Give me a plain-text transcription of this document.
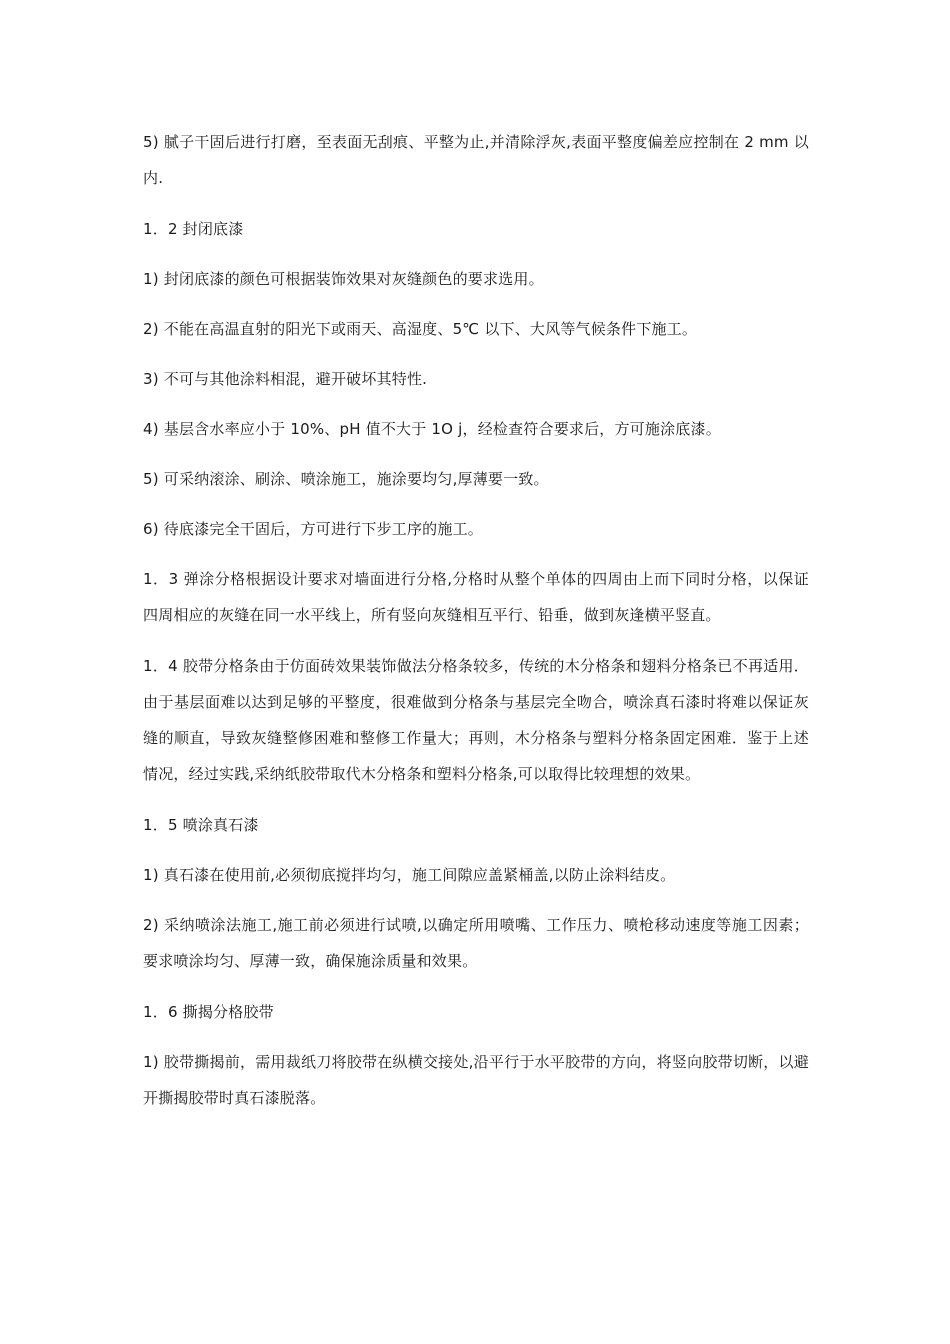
5) 腻子干固后进行打磨，至表面无刮痕、平整为止,并清除浮灰,表面平整度偏差应控制在 2 mm 以内.

1．2 封闭底漆

1) 封闭底漆的颜色可根据装饰效果对灰缝颜色的要求选用。

2) 不能在高温直射的阳光下或雨天、高湿度、5℃ 以下、大风等气候条件下施工。

3) 不可与其他涂料相混，避开破坏其特性.

4) 基层含水率应小于 10%、pH 值不大于 1O j，经检查符合要求后，方可施涂底漆。

5) 可采纳滚涂、刷涂、喷涂施工，施涂要均匀,厚薄要一致。

6) 待底漆完全干固后，方可进行下步工序的施工。

1．3 弹涂分格根据设计要求对墙面进行分格,分格时从整个单体的四周由上而下同时分格，以保证四周相应的灰缝在同一水平线上，所有竖向灰缝相互平行、铅垂，做到灰逢横平竖直。

1．4 胶带分格条由于仿面砖效果装饰做法分格条较多，传统的木分格条和翅料分格条已不再适用．由于基层面难以达到足够的平整度，很难做到分格条与基层完全吻合，喷涂真石漆时将难以保证灰缝的顺直，导致灰缝整修困难和整修工作量大；再则，木分格条与塑料分格条固定困难．鉴于上述情况，经过实践,采纳纸胶带取代木分格条和塑料分格条,可以取得比较理想的效果。

1．5 喷涂真石漆

1) 真石漆在使用前,必须彻底搅拌均匀，施工间隙应盖紧桶盖,以防止涂料结皮。

2) 采纳喷涂法施工,施工前必须进行试喷,以确定所用喷嘴、工作压力、喷枪移动速度等施工因素；要求喷涂均匀、厚薄一致，确保施涂质量和效果。

1．6 撕揭分格胶带

1) 胶带撕揭前，需用裁纸刀将胶带在纵横交接处,沿平行于水平胶带的方向，将竖向胶带切断，以避开撕揭胶带时真石漆脱落。
